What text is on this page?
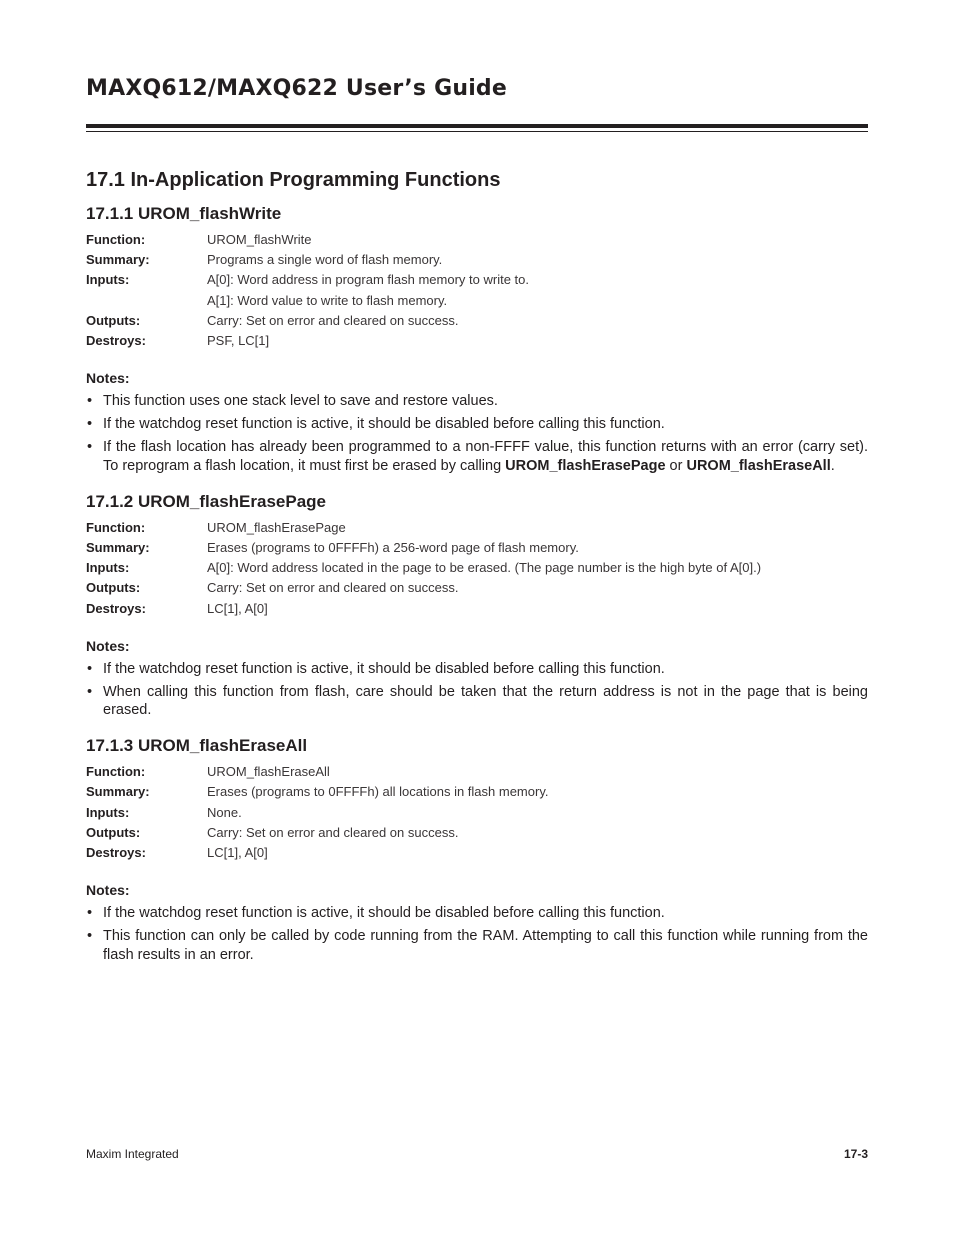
MAXQ612/MAXQ622 User’s Guide
17.1 In-Application Programming Functions
17.1.1 UROM_flashWrite
Function:	UROM_flashWrite
Summary:	Programs a single word of flash memory.
Inputs:	A[0]: Word address in program flash memory to write to.
A[1]: Word value to write to flash memory.
Outputs:	Carry: Set on error and cleared on success.
Destroys:	PSF, LC[1]
Notes:
• This function uses one stack level to save and restore values.
• If the watchdog reset function is active, it should be disabled before calling this function.
• If the flash location has already been programmed to a non-FFFF value, this function returns with an error (carry set). To reprogram a flash location, it must first be erased by calling UROM_flashErasePage or UROM_flashEraseAll.
17.1.2 UROM_flashErasePage
Function:	UROM_flashErasePage
Summary:	Erases (programs to 0FFFFh) a 256-word page of flash memory.
Inputs:	A[0]: Word address located in the page to be erased. (The page number is the high byte of A[0].)
Outputs:	Carry: Set on error and cleared on success.
Destroys:	LC[1], A[0]
Notes:
• If the watchdog reset function is active, it should be disabled before calling this function.
• When calling this function from flash, care should be taken that the return address is not in the page that is being erased.
17.1.3 UROM_flashEraseAll
Function:	UROM_flashEraseAll
Summary:	Erases (programs to 0FFFFh) all locations in flash memory.
Inputs:	None.
Outputs:	Carry: Set on error and cleared on success.
Destroys:	LC[1], A[0]
Notes:
• If the watchdog reset function is active, it should be disabled before calling this function.
• This function can only be called by code running from the RAM. Attempting to call this function while running from the flash results in an error.
Maxim Integrated	17-3
